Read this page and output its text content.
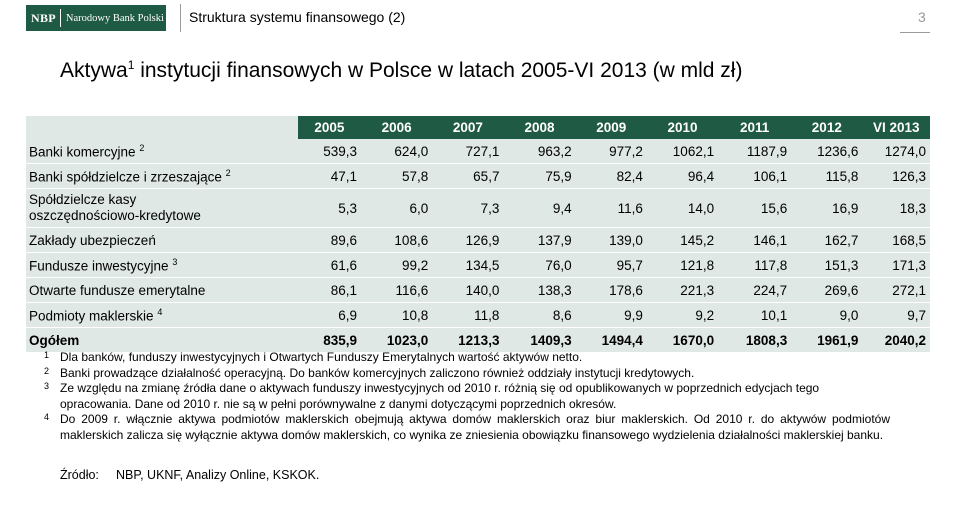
NBP Narodowy Bank Polski Struktura systemu finansowego (2)	3
Aktywa$^1$ instytucji finansowych w Polsce w latach 2005-VI 2013 (w mld zł)
	2005	2006	2007	2008	2009	2010	2011	2012	VI 2013
Banki komercyjne $^2$	539,3	624,0	727,1	963,2	977,2	1062,1	1187,9	1236,6	1274,0
Banki spółdzielcze i zrzeszające $^2$	47,1	57,8	65,7	75,9	82,4	96,4	106,1	115,8	126,3
Spółdzielcze kasy
oszczędnościowo-kredytowe	5,3	6,0	7,3	9,4	11,6	14,0	15,6	16,9	18,3
Zakłady ubezpieczeń	89,6	108,6	126,9	137,9	139,0	145,2	146,1	162,7	168,5
Fundusze inwestycyjne $^3$	61,6	99,2	134,5	76,0	95,7	121,8	117,8	151,3	171,3
Otwarte fundusze emerytalne	86,1	116,6	140,0	138,3	178,6	221,3	224,7	269,6	272,1
Podmioty maklerskie $^4$	6,9	10,8	11,8	8,6	9,9	9,2	10,1	9,0	9,7
Ogółem	835,9	1023,0	1213,3	1409,3	1494,4	1670,0	1808,3	1961,9	2040,2

1 Dla banków, funduszy inwestycyjnych i Otwartych Funduszy Emerytalnych wartość aktywów netto.

2 Banki prowadzące działalność operacyjną. Do banków komercyjnych zaliczono również oddziały instytucji kredytowych.

3 Ze względu na zmianę źródła dane o aktywach funduszy inwestycyjnych od 2010 r. różnią się od opublikowanych w poprzednich edycjach tego opracowania. Dane od 2010 r. nie są w pełni porównywalne z danymi dotyczącymi poprzednich okresów.

4 Do 2009 r. włącznie aktywa podmiotów maklerskich obejmują aktywa domów maklerskich oraz biur maklerskich. Od 2010 r. do aktywów podmiotów maklerskich zalicza się wyłącznie aktywa domów maklerskich, co wynika ze zniesienia obowiązku finansowego wydzielenia działalności maklerskiej banku.

Źródło: NBP, UKNF, Analizy Online, KSKOK.
